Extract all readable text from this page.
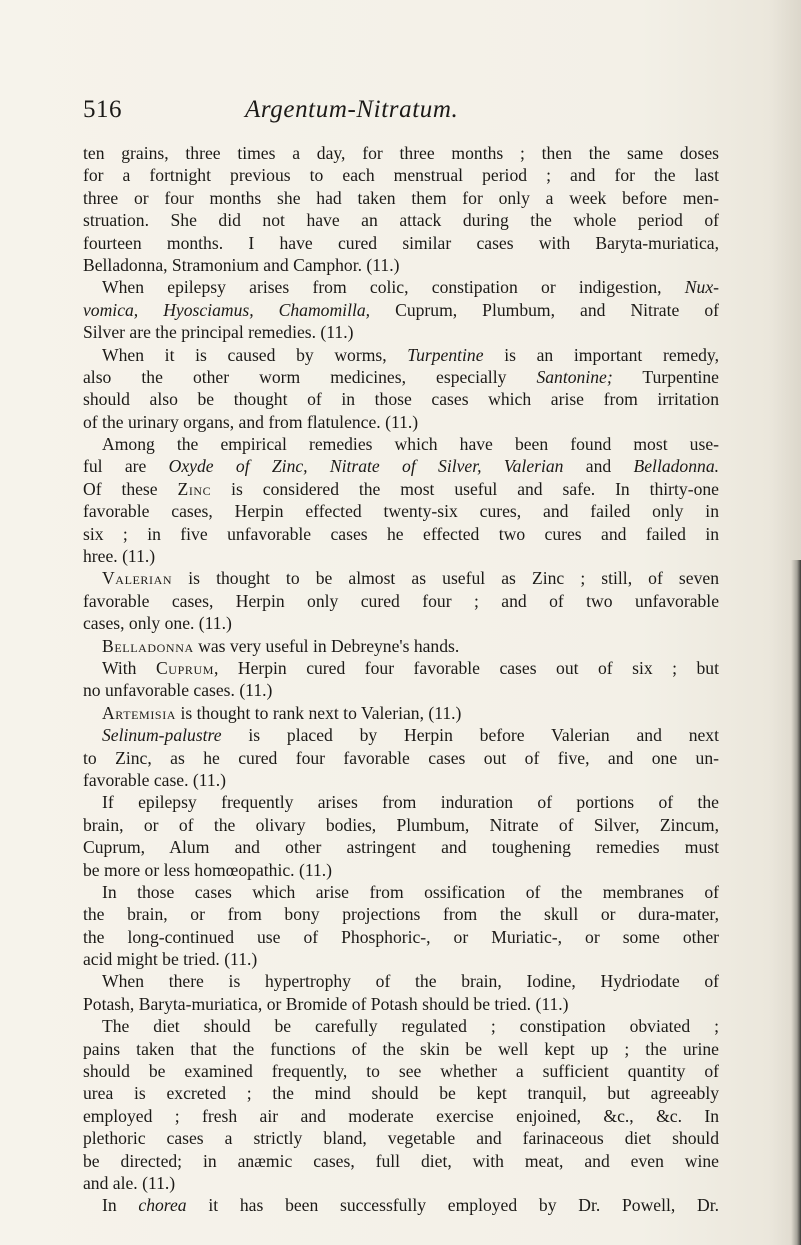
516	Argentum-Nitratum.
ten grains, three times a day, for three months ; then the same doses
for a fortnight previous to each menstrual period ; and for the last
three or four months she had taken them for only a week before men-
struation. She did not have an attack during the whole period of
fourteen months. I have cured similar cases with Baryta-muriatica,
Belladonna, Stramonium and Camphor. (11.)
When epilepsy arises from colic, constipation or indigestion, Nux-
vomica, Hyosciamus, Chamomilla, Cuprum, Plumbum, and Nitrate of
Silver are the principal remedies. (11.)
When it is caused by worms, Turpentine is an important remedy,
also the other worm medicines, especially Santonine; Turpentine
should also be thought of in those cases which arise from irritation
of the urinary organs, and from flatulence. (11.)
Among the empirical remedies which have been found most use-
ful are Oxyde of Zinc, Nitrate of Silver, Valerian and Belladonna.
Of these Zinc is considered the most useful and safe. In thirty-one
favorable cases, Herpin effected twenty-six cures, and failed only in
six ; in five unfavorable cases he effected two cures and failed in
hree. (11.)
Valerian is thought to be almost as useful as Zinc ; still, of seven
favorable cases, Herpin only cured four ; and of two unfavorable
cases, only one. (11.)
Belladonna was very useful in Debreyne's hands.
With Cuprum, Herpin cured four favorable cases out of six ; but
no unfavorable cases. (11.)
Artemisia is thought to rank next to Valerian, (11.)
Selinum-palustre is placed by Herpin before Valerian and next
to Zinc, as he cured four favorable cases out of five, and one un-
favorable case. (11.)
If epilepsy frequently arises from induration of portions of the
brain, or of the olivary bodies, Plumbum, Nitrate of Silver, Zincum,
Cuprum, Alum and other astringent and toughening remedies must
be more or less homœopathic. (11.)
In those cases which arise from ossification of the membranes of
the brain, or from bony projections from the skull or dura-mater,
the long-continued use of Phosphoric-, or Muriatic-, or some other
acid might be tried. (11.)
When there is hypertrophy of the brain, Iodine, Hydriodate of
Potash, Baryta-muriatica, or Bromide of Potash should be tried. (11.)
The diet should be carefully regulated ; constipation obviated ;
pains taken that the functions of the skin be well kept up ; the urine
should be examined frequently, to see whether a sufficient quantity of
urea is excreted ; the mind should be kept tranquil, but agreeably
employed ; fresh air and moderate exercise enjoined, &c., &c. In
plethoric cases a strictly bland, vegetable and farinaceous diet should
be directed; in anæmic cases, full diet, with meat, and even wine
and ale. (11.)
In chorea it has been successfully employed by Dr. Powell, Dr.
